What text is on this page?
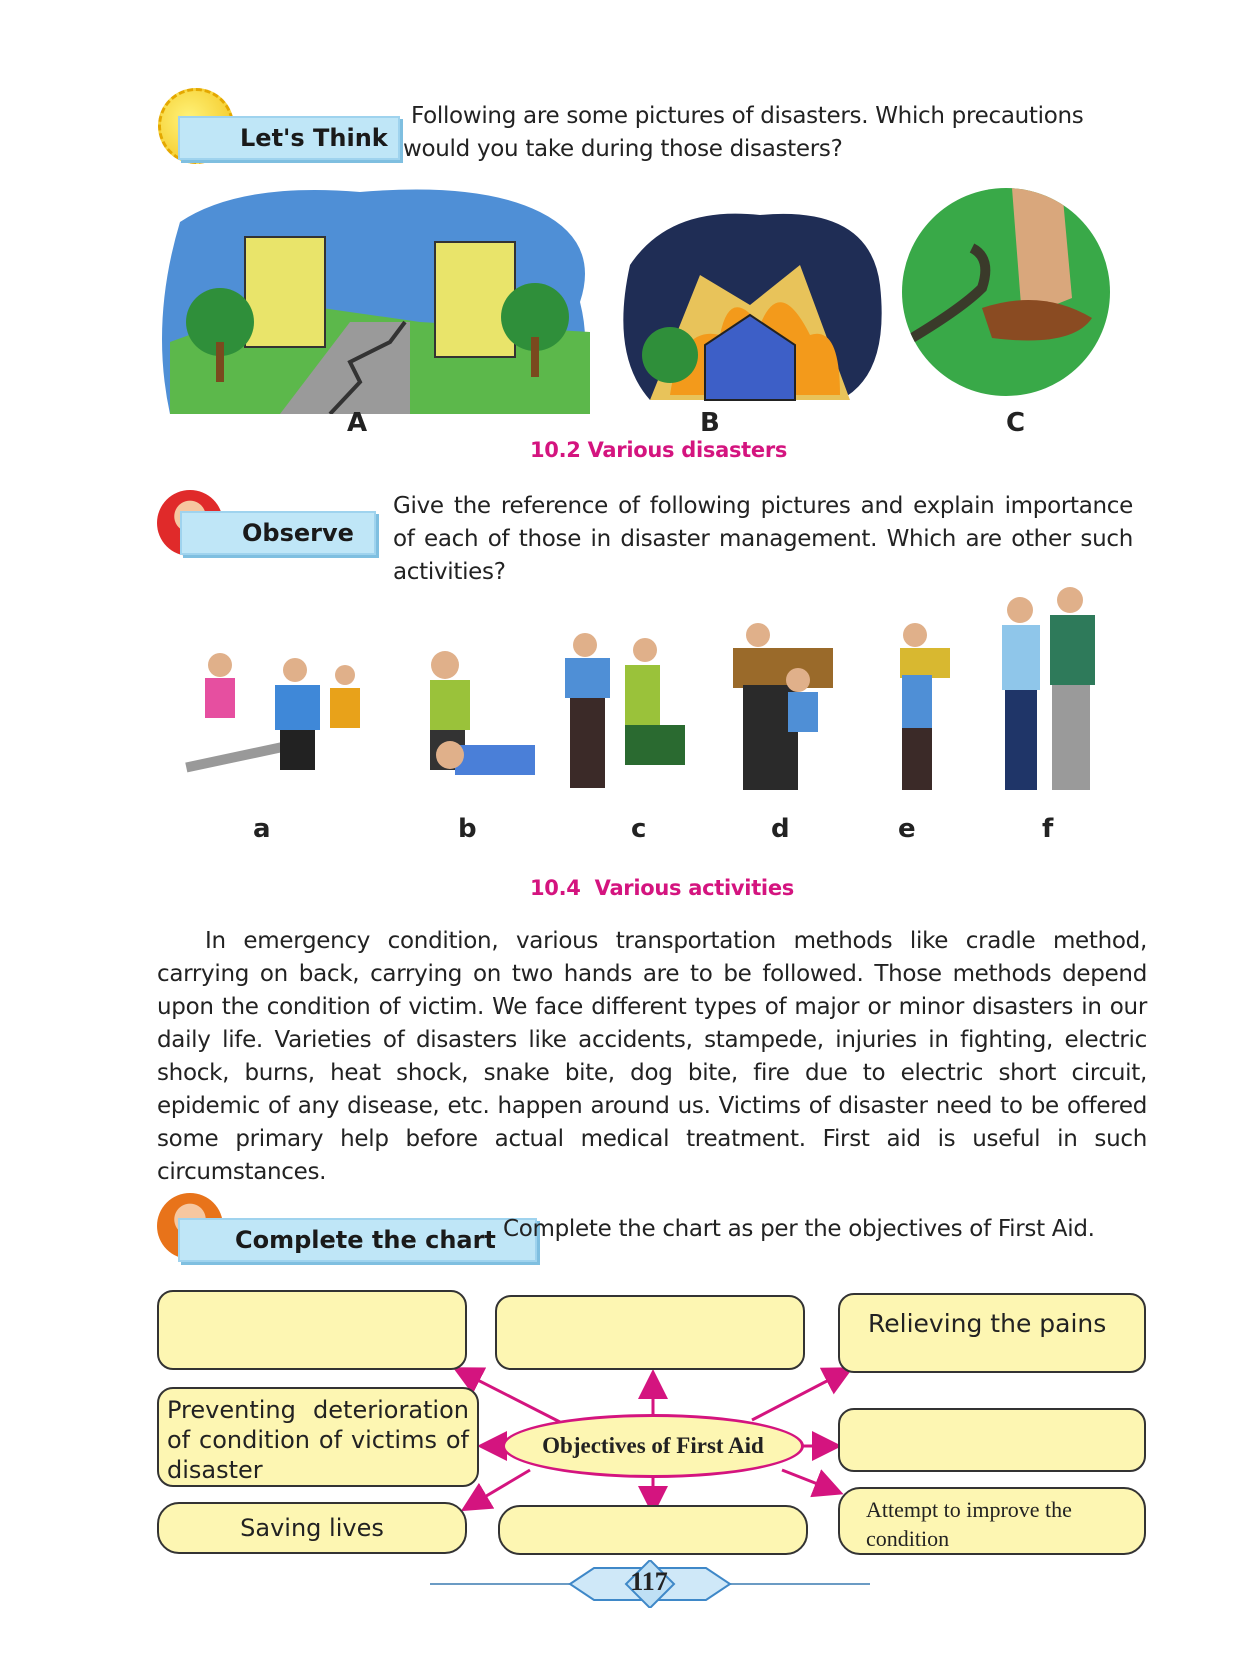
Let's Think
Following are some pictures of disasters. Which precautions would you take during those disasters?
A	B	C
10.2 Various disasters
Observe
Give the reference of following pictures and explain importance of each of those in disaster management. Which are other such activities?
a	b	c	d	e	f
10.4  Various activities
In emergency condition, various transportation methods like cradle method, carrying on back, carrying on two hands are to be followed. Those methods depend upon the condition of victim. We face different types of major or minor disasters in our daily life. Varieties of disasters like accidents, stampede, injuries in fighting, electric shock, burns, heat shock, snake bite, dog bite, fire due to electric short circuit, epidemic of any disease, etc. happen around us. Victims of disaster need to be offered some primary help before actual medical treatment. First aid is useful in such circumstances.
Complete the chart Complete the chart as per the objectives of First Aid.
Relieving the pains
Preventing deterioration of condition of victims of disaster
Objectives of First Aid
Saving lives
Attempt to improve the condition
117
